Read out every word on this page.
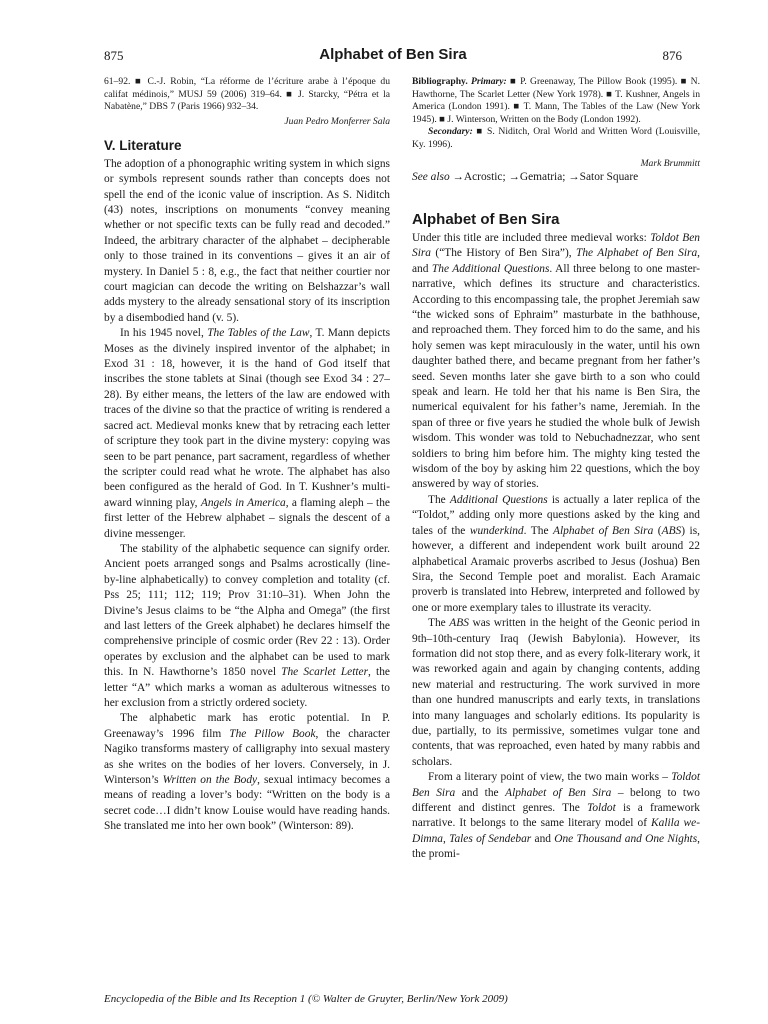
875	Alphabet of Ben Sira	876

61–92. ■ C.-J. Robin, “La réforme de l’écriture arabe à l’époque du califat médinois,” MUSJ 59 (2006) 319–64. ■ J. Starcky, “Pétra et la Nabatène,” DBS 7 (Paris 1966) 932–34.

Juan Pedro Monferrer Sala

V. Literature

The adoption of a phonographic writing system in which signs or symbols represent sounds rather than concepts does not spell the end of the iconic value of inscription. As S. Niditch (43) notes, inscriptions on monuments “convey meaning whether or not specific texts can be fully read and decoded.” Indeed, the arbitrary character of the alphabet – decipherable only to those trained in its conventions – gives it an air of mystery. In Daniel 5 : 8, e.g., the fact that neither courtier nor court magician can decode the writing on Belshazzar’s wall adds mystery to the already sensational story of its inscription by a disembodied hand (v. 5).

In his 1945 novel, The Tables of the Law, T. Mann depicts Moses as the divinely inspired inventor of the alphabet; in Exod 31 : 18, however, it is the hand of God itself that inscribes the stone tablets at Sinai (though see Exod 34 : 27–28). By either means, the letters of the law are endowed with traces of the divine so that the practice of writing is rendered a sacred act. Medieval monks knew that by retracing each letter of scripture they took part in the divine mystery: copying was seen to be part penance, part sacrament, regardless of whether the scripter could read what he wrote. The alphabet has also been configured as the herald of God. In T. Kushner’s multi-award winning play, Angels in America, a flaming aleph – the first letter of the Hebrew alphabet – signals the descent of a divine messenger.

The stability of the alphabetic sequence can signify order. Ancient poets arranged songs and Psalms acrostically (line-by-line alphabetically) to convey completion and totality (cf. Pss 25; 111; 112; 119; Prov 31:10–31). When John the Divine’s Jesus claims to be “the Alpha and Omega” (the first and last letters of the Greek alphabet) he declares himself the comprehensive principle of cosmic order (Rev 22 : 13). Order operates by exclusion and the alphabet can be used to mark this. In N. Hawthorne’s 1850 novel The Scarlet Letter, the letter “A” which marks a woman as adulterous witnesses to her exclusion from a strictly ordered society.

The alphabetic mark has erotic potential. In P. Greenaway’s 1996 film The Pillow Book, the character Nagiko transforms mastery of calligraphy into sexual mastery as she writes on the bodies of her lovers. Conversely, in J. Winterson’s Written on the Body, sexual intimacy becomes a means of reading a lover’s body: “Written on the body is a secret code…I didn’t know Louise would have reading hands. She translated me into her own book” (Winterson: 89).

Bibliography. Primary: ■ P. Greenaway, The Pillow Book (1995). ■ N. Hawthorne, The Scarlet Letter (New York 1978). ■ T. Kushner, Angels in America (London 1991). ■ T. Mann, The Tables of the Law (New York 1945). ■ J. Winterson, Written on the Body (London 1992).

Secondary: ■ S. Niditch, Oral World and Written Word (Louisville, Ky. 1996).

Mark Brummitt

See also →Acrostic; →Gematria; →Sator Square

Alphabet of Ben Sira

Under this title are included three medieval works: Toldot Ben Sira (“The History of Ben Sira”), The Alphabet of Ben Sira, and The Additional Questions. All three belong to one master-narrative, which defines its structure and characteristics. According to this encompassing tale, the prophet Jeremiah saw “the wicked sons of Ephraim” masturbate in the bathhouse, and reproached them. They forced him to do the same, and his holy semen was kept miraculously in the water, until his own daughter bathed there, and became pregnant from her father’s seed. Seven months later she gave birth to a son who could speak and learn. He told her that his name is Ben Sira, the numerical equivalent for his father’s name, Jeremiah. In the span of three or five years he studied the whole bulk of Jewish wisdom. This wonder was told to Nebuchadnezzar, who sent soldiers to bring him before him. The mighty king tested the wisdom of the boy by asking him 22 questions, which the boy answered by way of stories.

The Additional Questions is actually a later replica of the “Toldot,” adding only more questions asked by the king and tales of the wunderkind. The Alphabet of Ben Sira (ABS) is, however, a different and independent work built around 22 alphabetical Aramaic proverbs ascribed to Jesus (Joshua) Ben Sira, the Second Temple poet and moralist. Each Aramaic proverb is translated into Hebrew, interpreted and followed by one or more exemplary tales to illustrate its veracity.

The ABS was written in the height of the Geonic period in 9th–10th-century Iraq (Jewish Babylonia). However, its formation did not stop there, and as every folk-literary work, it was reworked again and again by changing contents, adding new material and restructuring. The work survived in more than one hundred manuscripts and early texts, in translations into many languages and scholarly editions. Its popularity is due, partially, to its permissive, sometimes vulgar tone and contents, that was reproached, even hated by many rabbis and scholars.

From a literary point of view, the two main works – Toldot Ben Sira and the Alphabet of Ben Sira – belong to two different and distinct genres. The Toldot is a framework narrative. It belongs to the same literary model of Kalila we-Dimna, Tales of Sendebar and One Thousand and One Nights, the promi-

Encyclopedia of the Bible and Its Reception 1 (© Walter de Gruyter, Berlin/New York 2009)
